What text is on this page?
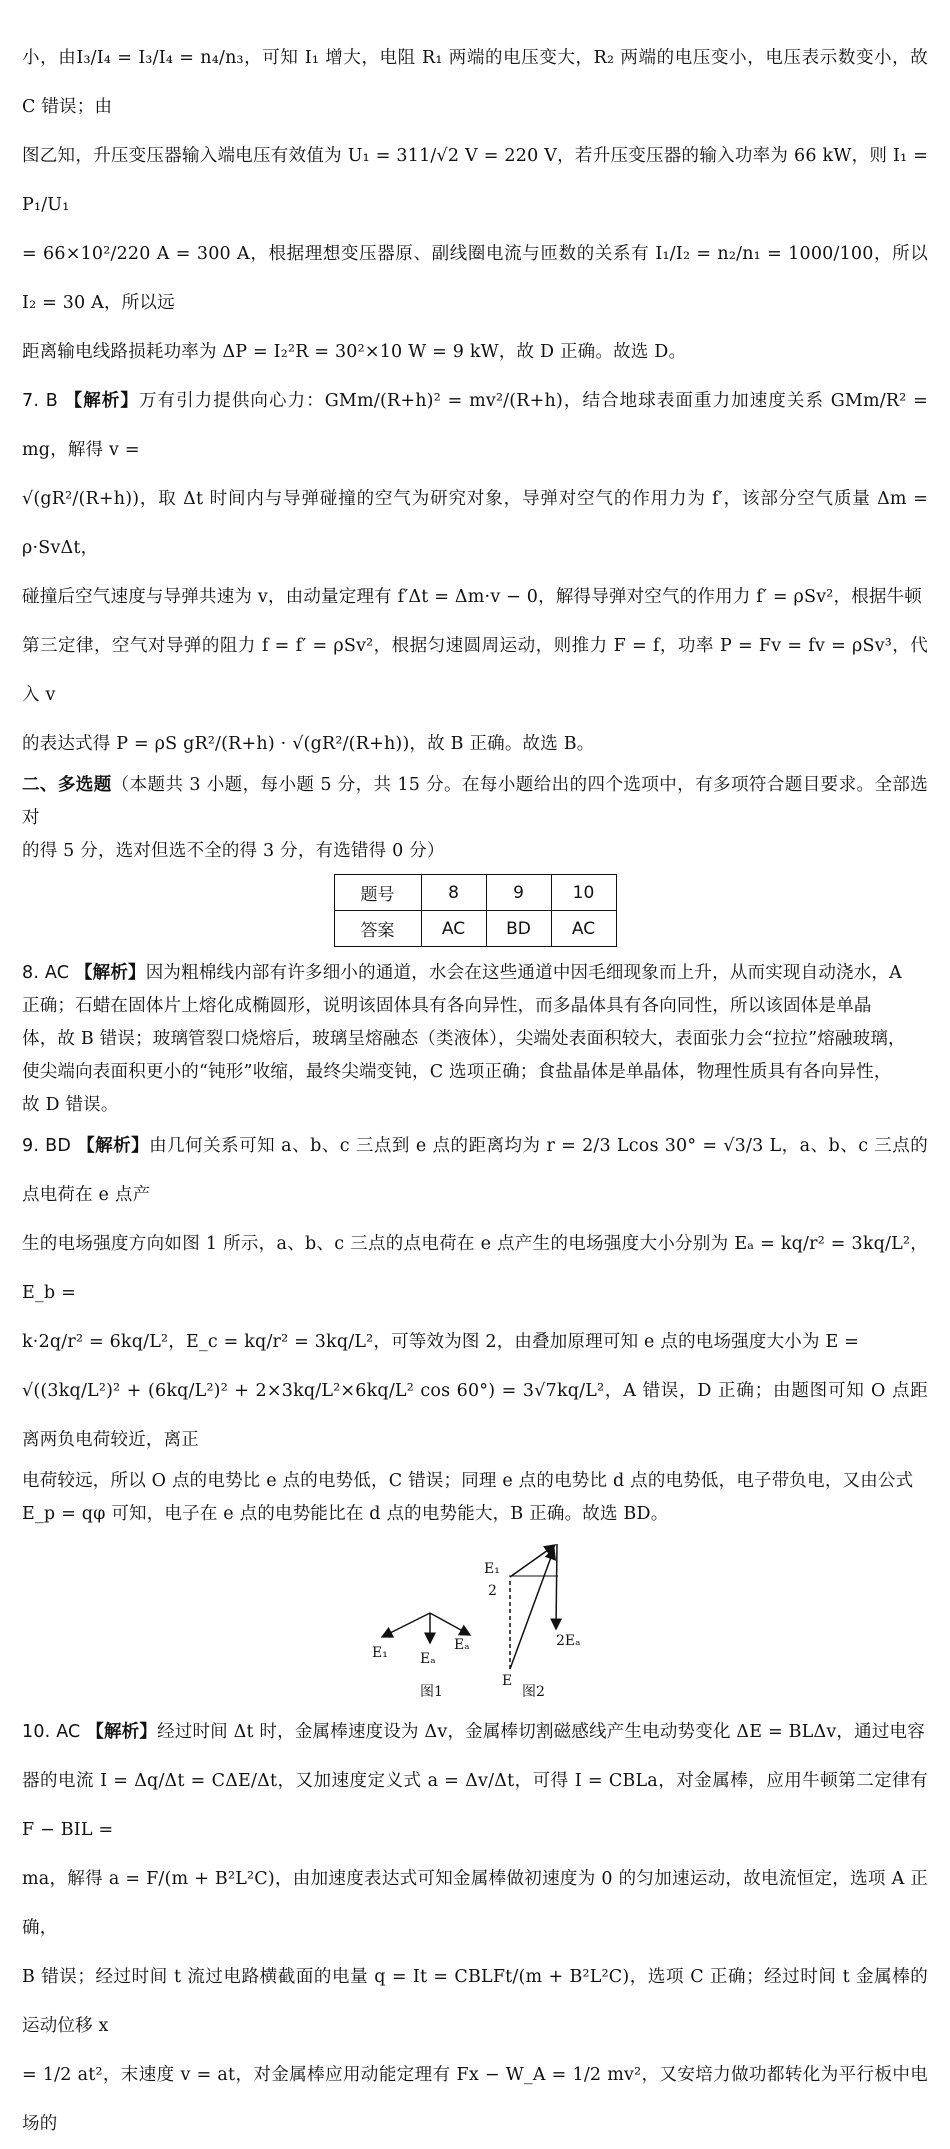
小，由I₃/I₄ = I₃/I₄ = n₄/n₃，可知 I₁ 增大，电阻 R₁ 两端的电压变大，R₂ 两端的电压变小，电压表示数变小，故 C 错误；由

图乙知，升压变压器输入端电压有效值为 U₁ = 311/√2 V = 220 V，若升压变压器的输入功率为 66 kW，则 I₁ = P₁/U₁

= 66×10²/220 A = 300 A，根据理想变压器原、副线圈电流与匝数的关系有 I₁/I₂ = n₂/n₁ = 1000/100，所以 I₂ = 30 A，所以远

距离输电线路损耗功率为 ΔP = I₂²R = 30²×10 W = 9 kW，故 D 正确。故选 D。

7. B 【解析】万有引力提供向心力：GMm/(R+h)² = mv²/(R+h)，结合地球表面重力加速度关系 GMm/R² = mg，解得 v =

√(gR²/(R+h))，取 Δt 时间内与导弹碰撞的空气为研究对象，导弹对空气的作用力为 f′，该部分空气质量 Δm = ρ·SvΔt，

碰撞后空气速度与导弹共速为 v，由动量定理有 f′Δt = Δm·v − 0，解得导弹对空气的作用力 f′ = ρSv²，根据牛顿

第三定律，空气对导弹的阻力 f = f′ = ρSv²，根据匀速圆周运动，则推力 F = f，功率 P = Fv = fv = ρSv³，代入 v

的表达式得 P = ρS gR²/(R+h) · √(gR²/(R+h))，故 B 正确。故选 B。

二、多选题（本题共 3 小题，每小题 5 分，共 15 分。在每小题给出的四个选项中，有多项符合题目要求。全部选对

的得 5 分，选对但选不全的得 3 分，有选错得 0 分）

题号	8	9	10
答案	AC	BD	AC

8. AC 【解析】因为粗棉线内部有许多细小的通道，水会在这些通道中因毛细现象而上升，从而实现自动浇水，A

正确；石蜡在固体片上熔化成椭圆形，说明该固体具有各向异性，而多晶体具有各向同性，所以该固体是单晶

体，故 B 错误；玻璃管裂口烧熔后，玻璃呈熔融态（类液体），尖端处表面积较大，表面张力会“拉拉”熔融玻璃，

使尖端向表面积更小的“钝形”收缩，最终尖端变钝，C 选项正确；食盐晶体是单晶体，物理性质具有各向异性，

故 D 错误。

9. BD 【解析】由几何关系可知 a、b、c 三点到 e 点的距离均为 r = 2/3 Lcos 30° = √3/3 L，a、b、c 三点的点电荷在 e 点产

生的电场强度方向如图 1 所示，a、b、c 三点的点电荷在 e 点产生的电场强度大小分别为 Eₐ = kq/r² = 3kq/L²，E_b =

k·2q/r² = 6kq/L²，E_c = kq/r² = 3kq/L²，可等效为图 2，由叠加原理可知 e 点的电场强度大小为 E =

√((3kq/L²)² + (6kq/L²)² + 2×3kq/L²×6kq/L² cos 60°) = 3√7kq/L²，A 错误，D 正确；由题图可知 O 点距离两负电荷较近，离正

电荷较远，所以 O 点的电势比 e 点的电势低，C 错误；同理 e 点的电势比 d 点的电势低，电子带负电，又由公式

E_p = qφ 可知，电子在 e 点的电势能比在 d 点的电势能大，B 正确。故选 BD。

E₁
2
2Eₐ
E
E₁ Eₐ
Eₐ
图1	图2

10. AC 【解析】经过时间 Δt 时，金属棒速度设为 Δv，金属棒切割磁感线产生电动势变化 ΔE = BLΔv，通过电容

器的电流 I = Δq/Δt = CΔE/Δt，又加速度定义式 a = Δv/Δt，可得 I = CBLa，对金属棒，应用牛顿第二定律有 F − BIL =

ma，解得 a = F/(m + B²L²C)，由加速度表达式可知金属棒做初速度为 0 的匀加速运动，故电流恒定，选项 A 正确，

B 错误；经过时间 t 流过电路横截面的电量 q = It = CBLFt/(m + B²L²C)，选项 C 正确；经过时间 t 金属棒的运动位移 x

= 1/2 at²，末速度 v = at，对金属棒应用动能定理有 Fx − W_A = 1/2 mv²，又安培力做功都转化为平行板中电场的
